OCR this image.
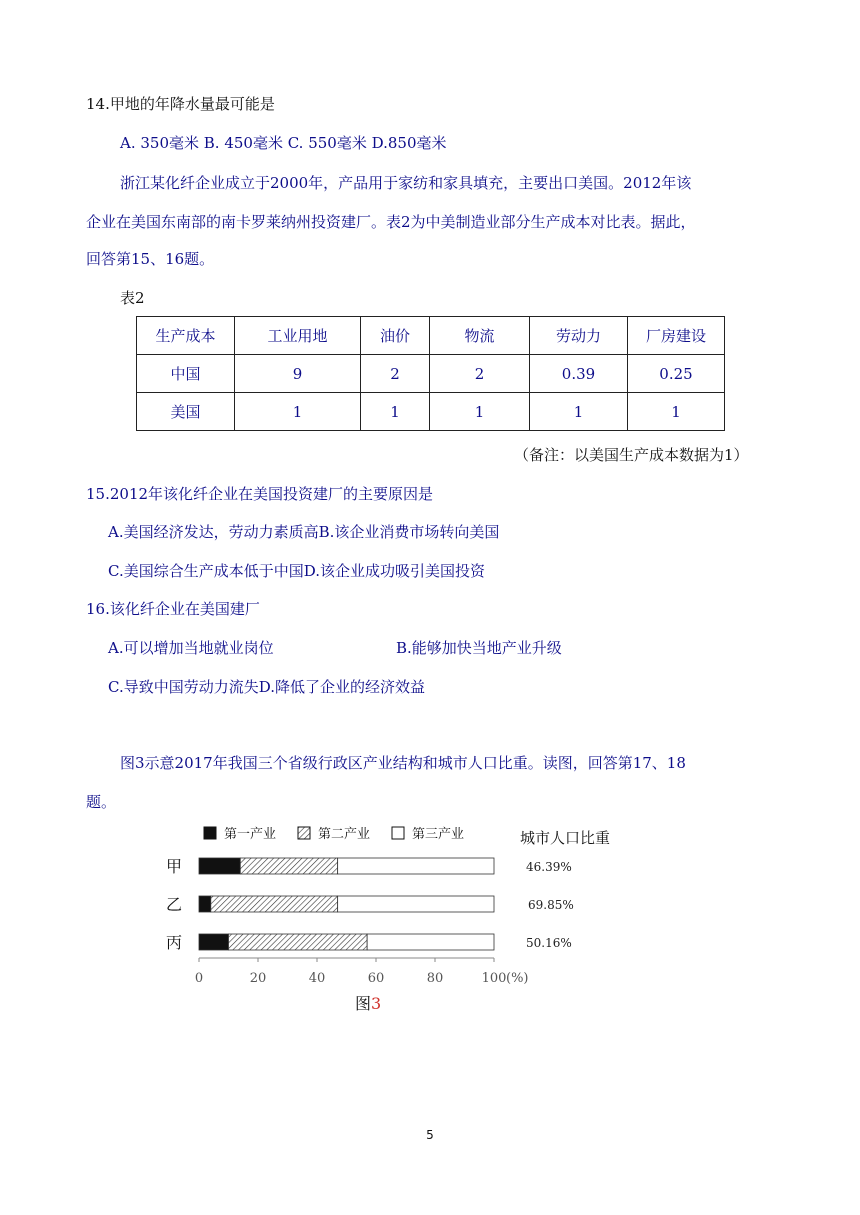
14.甲地的年降水量最可能是
A. 350毫米 B. 450毫米 C. 550毫米 D.850毫米
浙江某化纤企业成立于2000年，产品用于家纺和家具填充，主要出口美国。2012年该
企业在美国东南部的南卡罗莱纳州投资建厂。表2为中美制造业部分生产成本对比表。据此，
回答第15、16题。
表2
生产成本	工业用地	油价	物流	劳动力	厂房建设
中国	9	2	2	0.39	0.25
美国	1	1	1	1	1
（备注：以美国生产成本数据为1）
15.2012年该化纤企业在美国投资建厂的主要原因是
A.美国经济发达，劳动力素质高B.该企业消费市场转向美国
C.美国综合生产成本低于中国D.该企业成功吸引美国投资
16.该化纤企业在美国建厂
A.可以增加当地就业岗位	B.能够加快当地产业升级
C.导致中国劳动力流失D.降低了企业的经济效益
图3示意2017年我国三个省级行政区产业结构和城市人口比重。读图，回答第17、18
题。
第一产业	第二产业	第三产业	城市人口比重
甲	46.39%
乙	69.85%
丙	50.16%
0	20	40	60	80	100 (%)
图3
5
